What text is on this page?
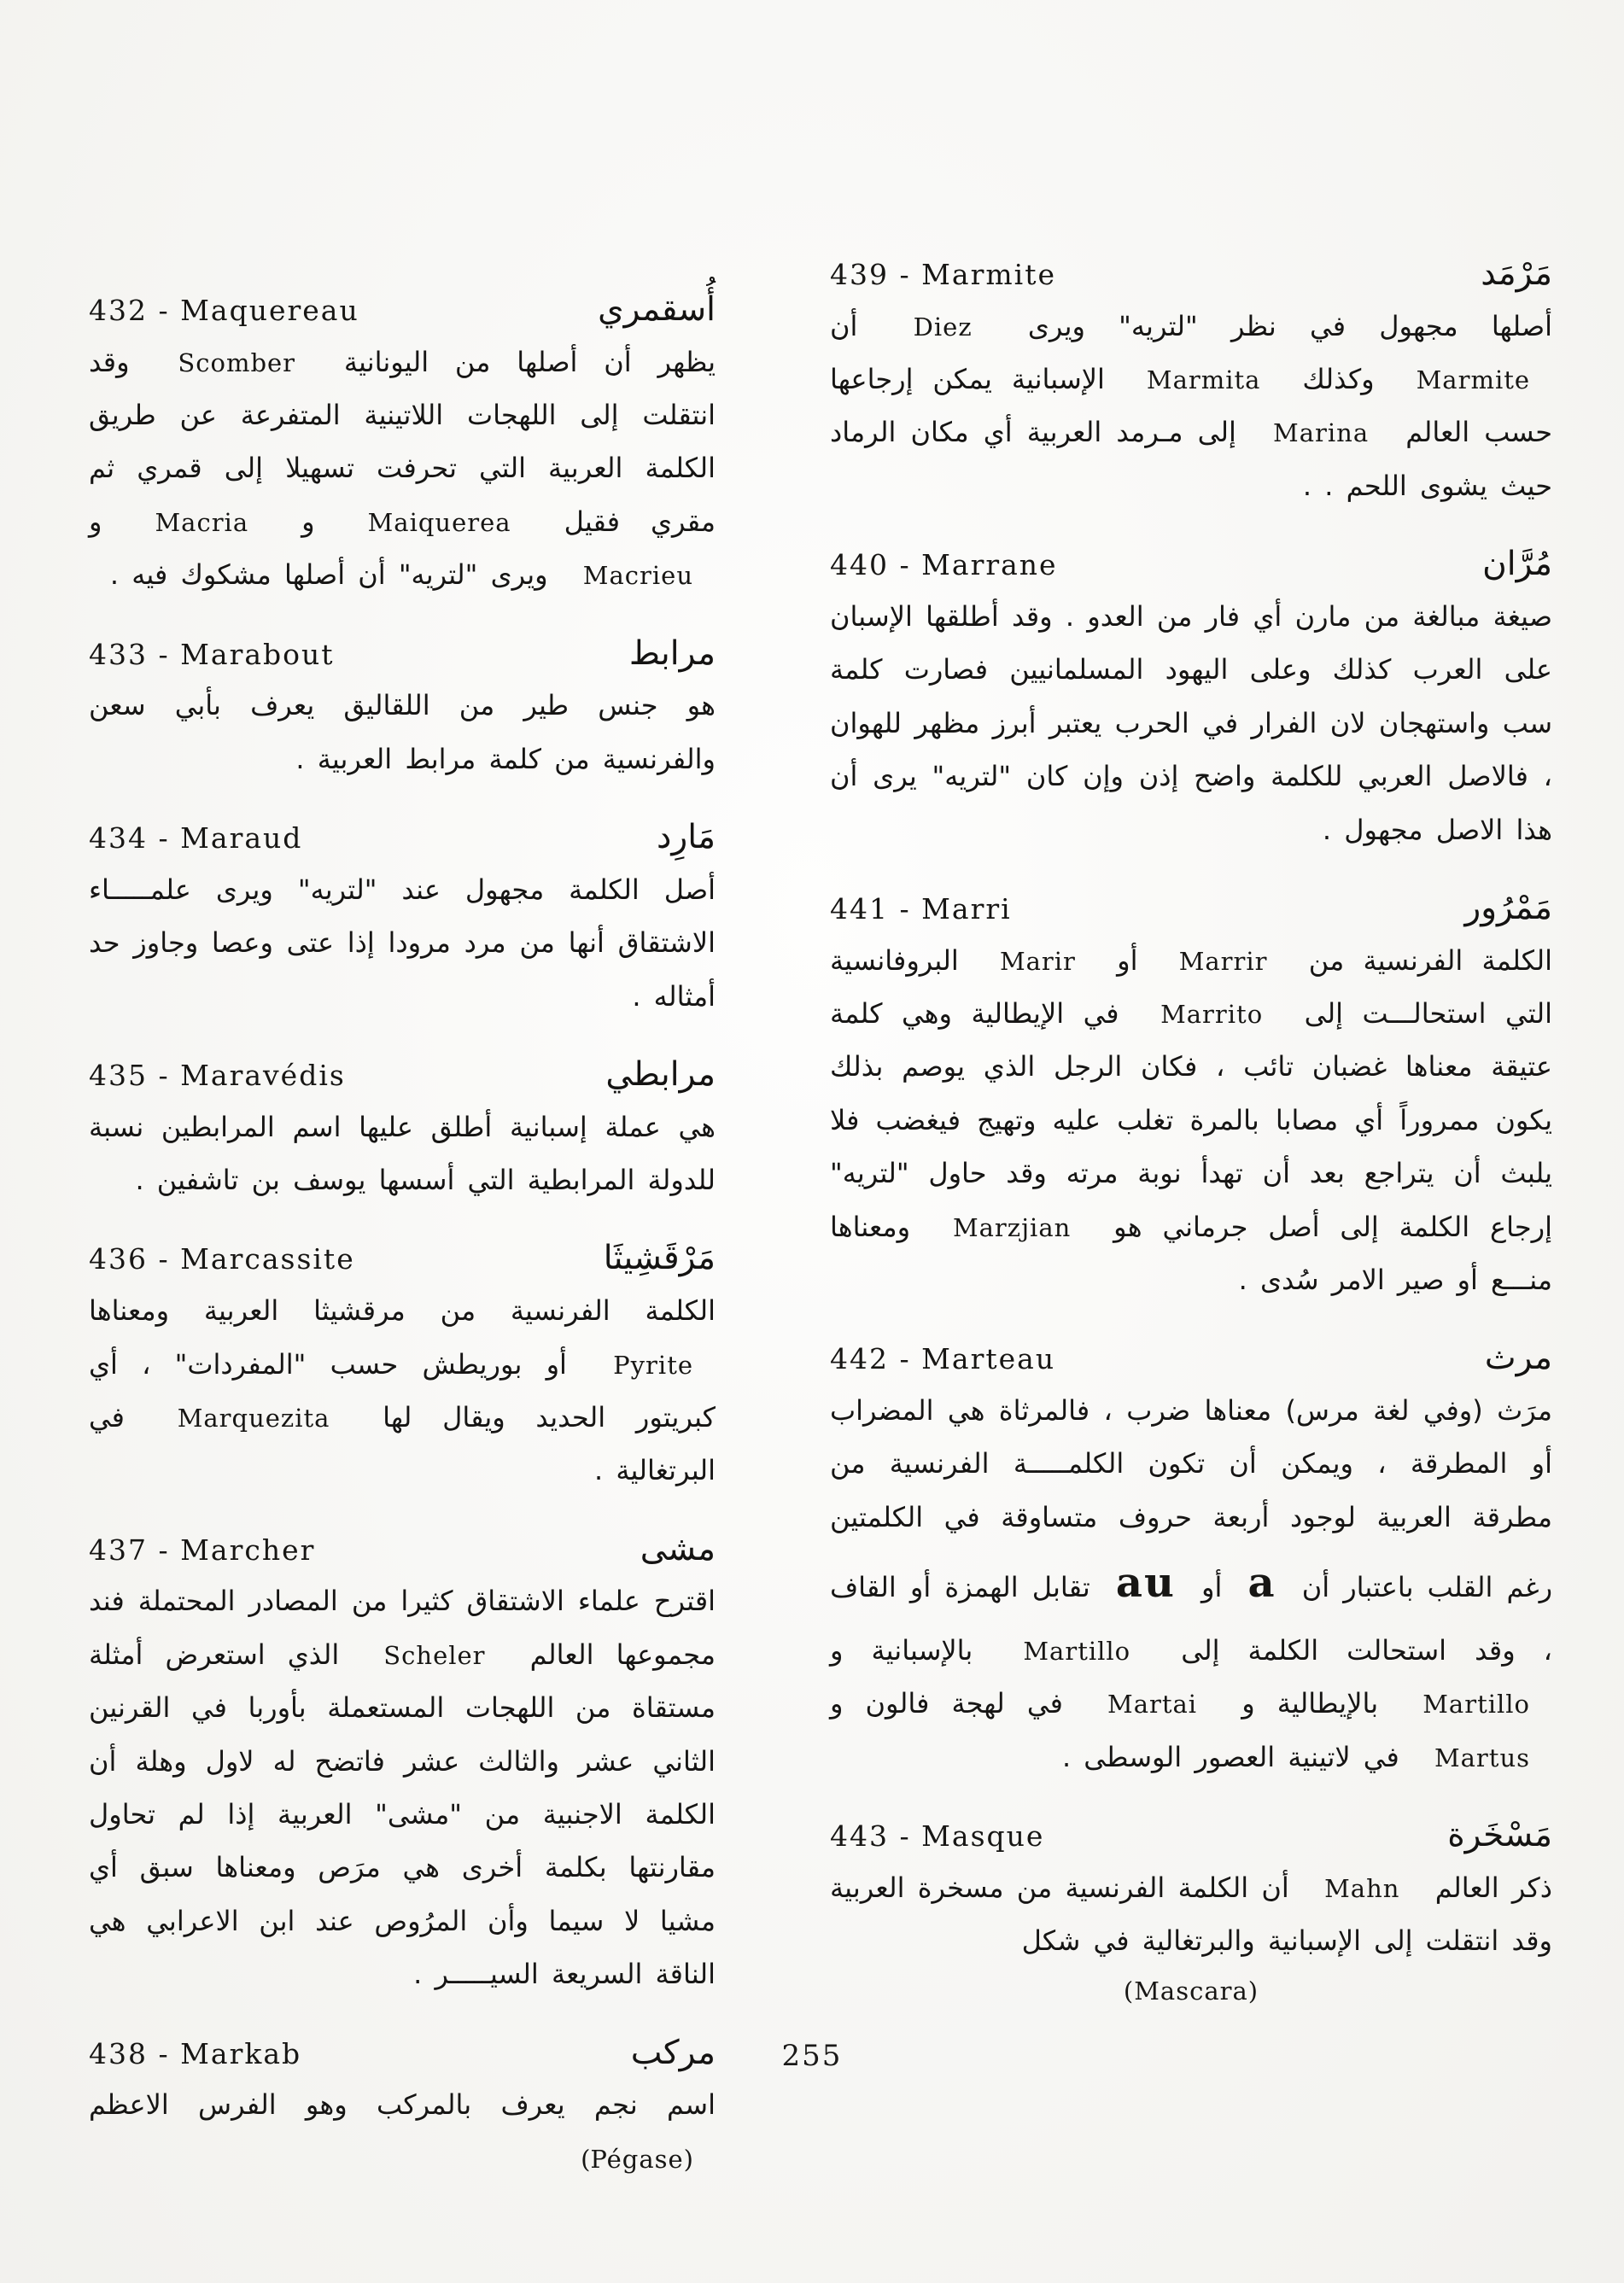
432 - Maquereau	أُسقمري

يظهر أن أصلها من اليونانية Scomber وقد انتقلت إلى اللهجات اللاتينية المتفرعة عن طريق الكلمة العربية التي تحرفت تسهيلا إلى قمري ثم مقري فقيل Maiquerea و Macria و Macrieu ويرى "لتريه" أن أصلها مشكوك فيه .

433 - Marabout	مرابط

هو جنس طير من اللقاليق يعرف بأبي سعن والفرنسية من كلمة مرابط العربية .

434 - Maraud	مَارِد

أصل الكلمة مجهول عند "لتريه" ويرى علمـــــاء الاشتقاق أنها من مرد مرودا إذا عتى وعصا وجاوز حد أمثاله .

435 - Maravédis	مرابطي

هي عملة إسبانية أطلق عليها اسم المرابطين نسبة للدولة المرابطية التي أسسها يوسف بن تاشفين .

436 - Marcassite	مَرْقَشِيثَا

الكلمة الفرنسية من مرقشيثا العربية ومعناها Pyrite أو بوريطش حسب "المفردات" ، أي كبريتور الحديد ويقال لها Marquezita في البرتغالية .

437 - Marcher	مشى

اقترح علماء الاشتقاق كثيرا من المصادر المحتملة فند مجموعها العالم Scheler الذي استعرض أمثلة مستقاة من اللهجات المستعملة بأوربا في القرنين الثاني عشر والثالث عشر فاتضح له لاول وهلة أن الكلمة الاجنبية من "مشى" العربية إذا لم تحاول مقارنتها بكلمة أخرى هي مرَص ومعناها سبق أي مشيا لا سيما وأن المرُوص عند ابن الاعرابي هي الناقة السريعة السيـــــر .

438 - Markab	مركب

اسم نجم يعرف بالمركب وهو الفرس الاعظم (Pégase)

439 - Marmite	مَرْمَد

أصلها مجهول في نظر "لتريه" ويرى Diez أن Marmite وكذلك Marmita الإسبانية يمكن إرجاعها حسب العالم Marina إلى مـرمد العربية أي مكان الرماد حيث يشوى اللحم . .

440 - Marrane	مُرَّان

صيغة مبالغة من مارن أي فار من العدو . وقد أطلقها الإسبان على العرب كذلك وعلى اليهود المسلمانيين فصارت كلمة سب واستهجان لان الفرار في الحرب يعتبر أبرز مظهر للهوان ، فالاصل العربي للكلمة واضح إذن وإن كان "لتريه" يرى أن هذا الاصل مجهول .

441 - Marri	مَمْرُور

الكلمة الفرنسية من Marrir أو Marir البروفانسية التي استحالـــت إلى Marrito في الإيطالية وهي كلمة عتيقة معناها غضبان تائب ، فكان الرجل الذي يوصم بذلك يكون ممروراً أي مصابا بالمرة تغلب عليه وتهيج فيغضب فلا يلبث أن يتراجع بعد أن تهدأ نوبة مرته وقد حاول "لتريه" إرجاع الكلمة إلى أصل جرماني هو Marzjian ومعناها منـــع أو صير الامر سُدى .

442 - Marteau	مرث

مرَث (وفي لغة مرس) معناها ضرب ، فالمرثاة هي المضراب أو المطرقة ، ويمكن أن تكون الكلمـــــة الفرنسية من مطرقة العربية لوجود أربعة حروف متساوقة في الكلمتين رغم القلب باعتبار أن a أو au تقابل الهمزة أو القاف ، وقد استحالت الكلمة إلى Martillo بالإسبانية و Martillo بالإيطالية و Martai في لهجة فالون و Martus في لاتينية العصور الوسطى .

443 - Masque	مَسْخَرة

ذكر العالم Mahn أن الكلمة الفرنسية من مسخرة العربية وقد انتقلت إلى الإسبانية والبرتغالية في شكل

(Mascara)

255
